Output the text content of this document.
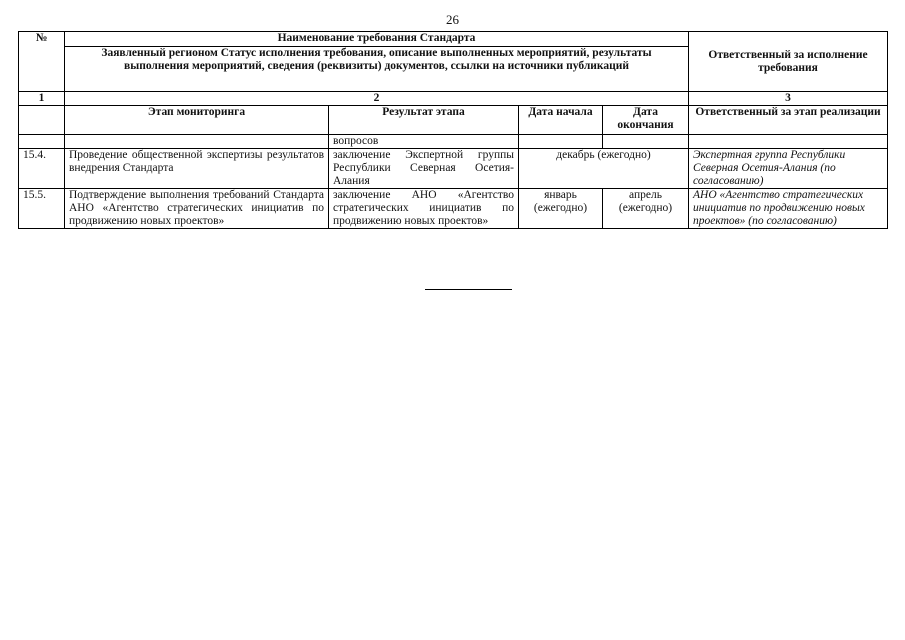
26
№	Наименование требования Стандарта				Ответственный за исполнение требования
	Заявленный регионом Статус исполнения требования, описание выполненных мероприятий, результаты выполнения мероприятий, сведения (реквизиты) документов, ссылки на источники публикаций				
1	2				3
	Этап мониторинга	Результат этапа	Дата начала	Дата окончания	Ответственный за этап реализации
		вопросов			
15.4.	Проведение общественной экспертизы результатов внедрения Стандарта	заключение Экспертной группы Республики Северная Осетия-Алания	декабрь (ежегодно)		Экспертная группа Республики Северная Осетия-Алания (по согласованию)
15.5.	Подтверждение выполнения требований Стандарта АНО «Агентство стратегических инициатив по продвижению новых проектов»	заключение АНО «Агентство стратегических инициатив по продвижению новых проектов»	январь (ежегодно)	апрель (ежегодно)	АНО «Агентство стратегических инициатив по продвижению новых проектов» (по согласованию)
